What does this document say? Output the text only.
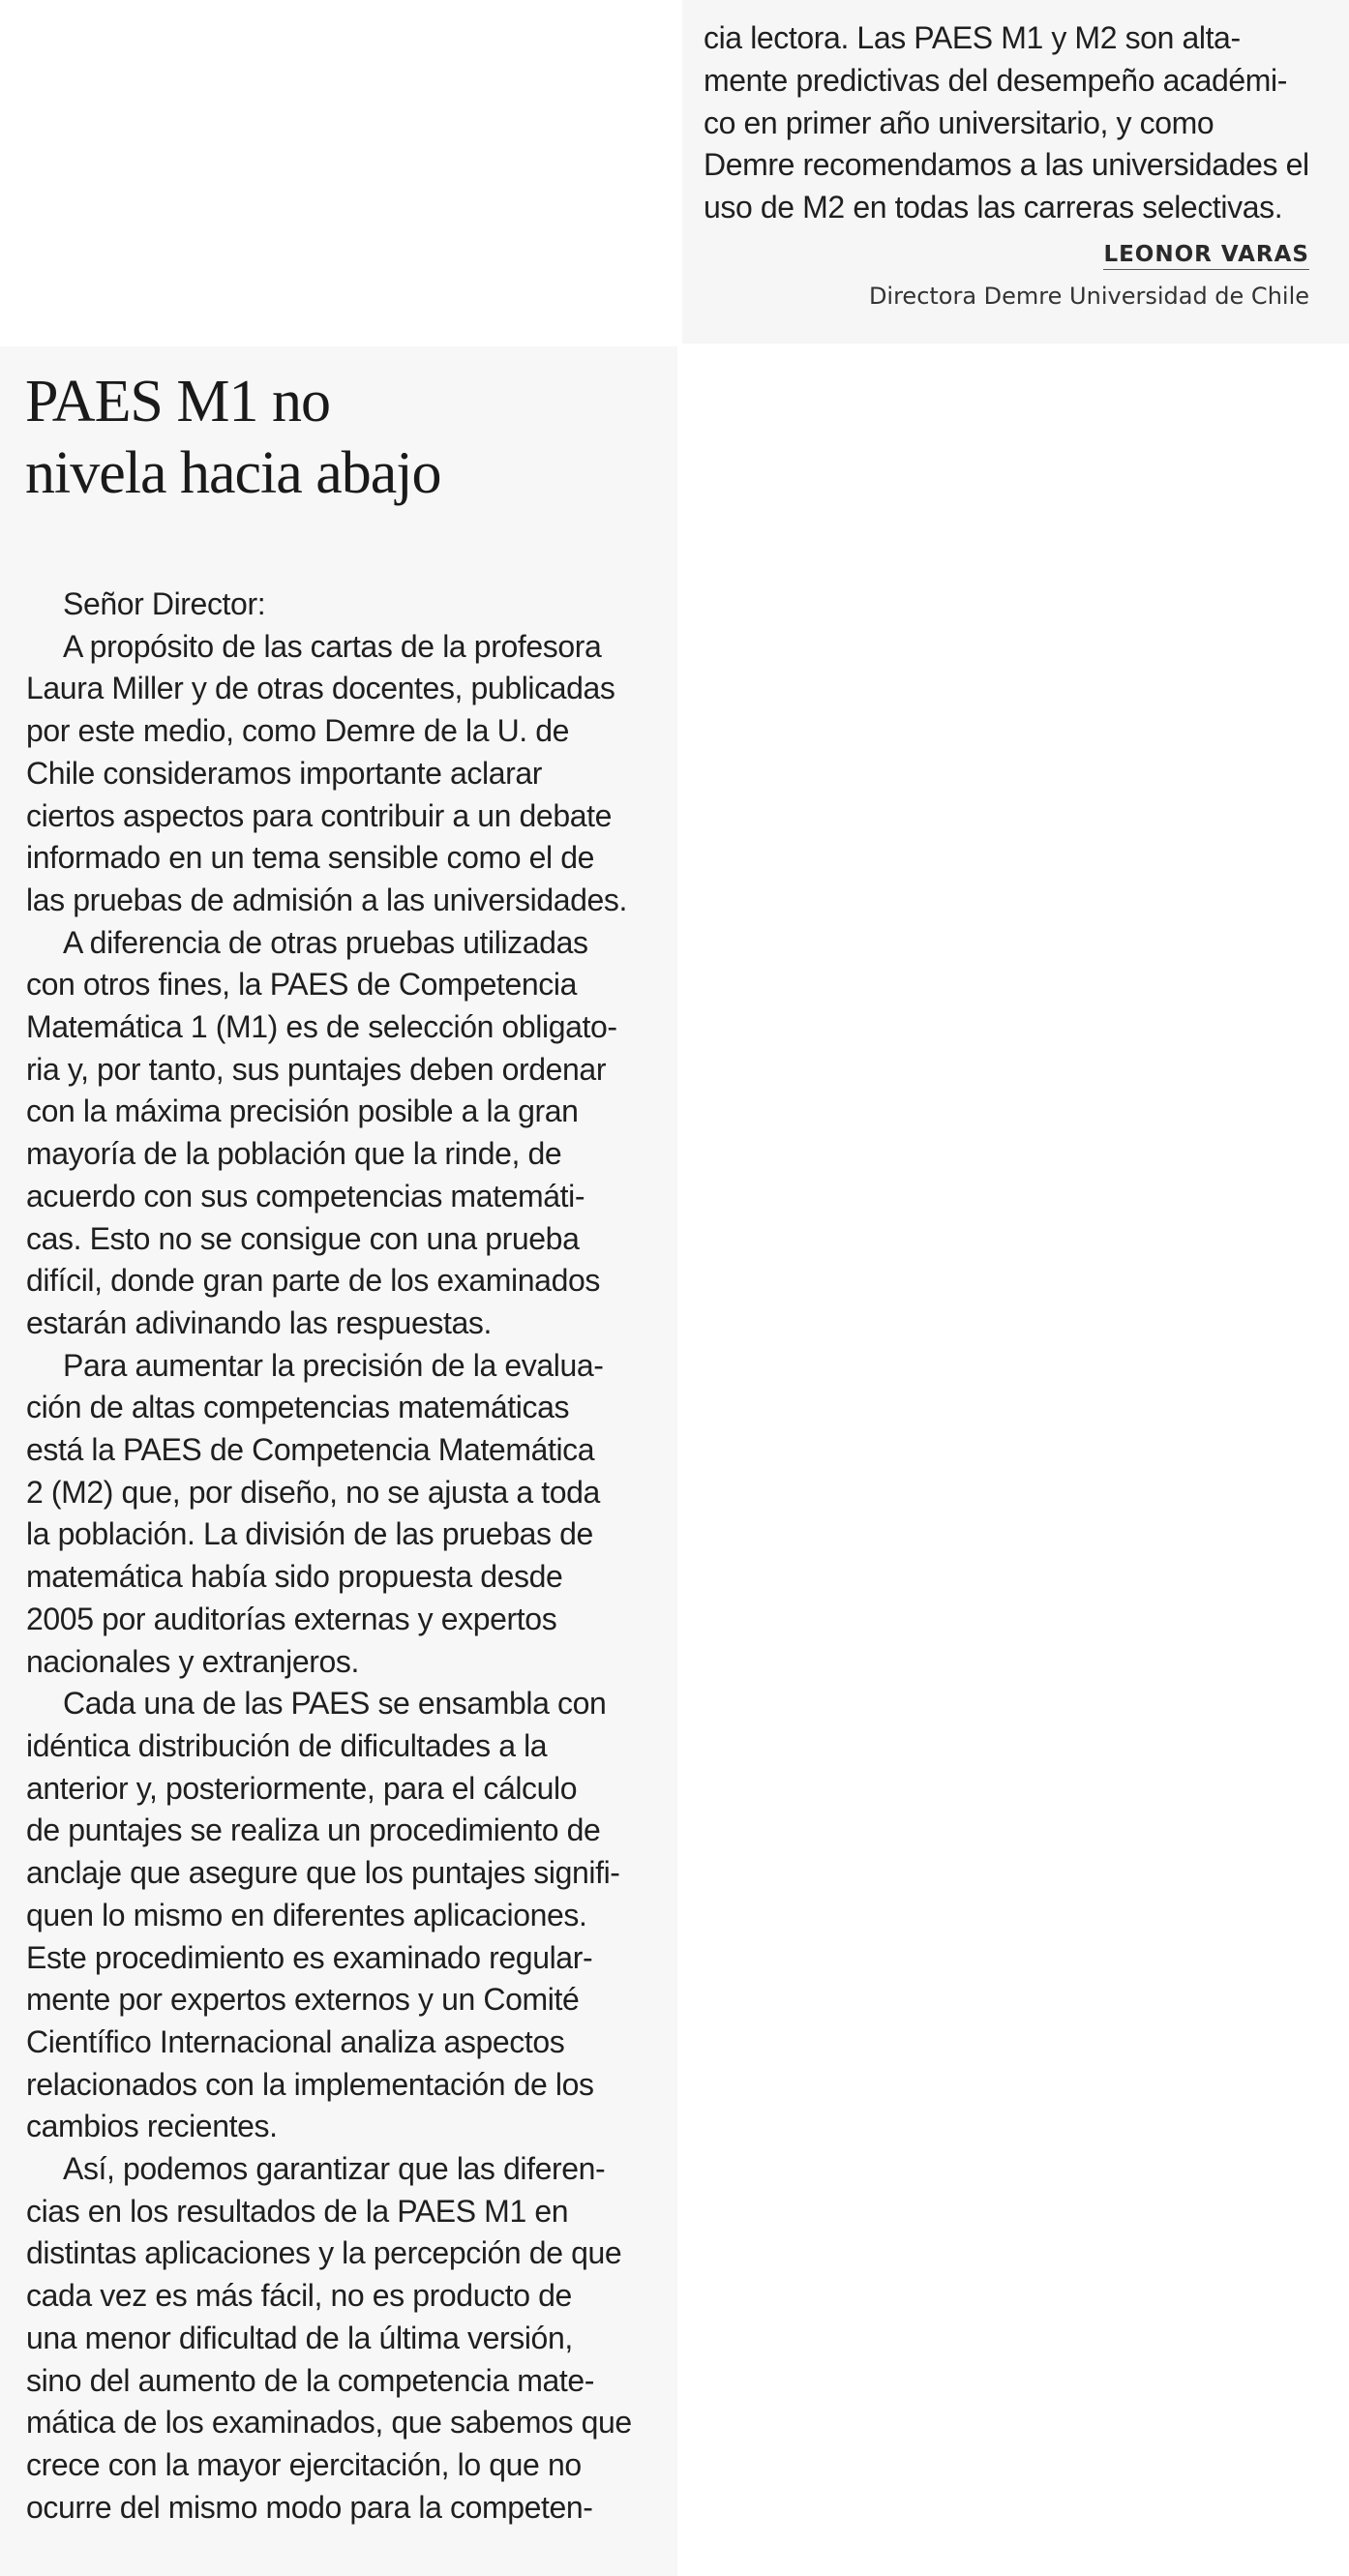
cia lectora. Las PAES M1 y M2 son alta-
mente predictivas del desempeño académi-
co en primer año universitario, y como
Demre recomendamos a las universidades el
uso de M2 en todas las carreras selectivas.
LEONOR VARAS
Directora Demre Universidad de Chile
PAES M1 no
nivela hacia abajo
Señor Director:
A propósito de las cartas de la profesora
Laura Miller y de otras docentes, publicadas
por este medio, como Demre de la U. de
Chile consideramos importante aclarar
ciertos aspectos para contribuir a un debate
informado en un tema sensible como el de
las pruebas de admisión a las universidades.
A diferencia de otras pruebas utilizadas
con otros fines, la PAES de Competencia
Matemática 1 (M1) es de selección obligato-
ria y, por tanto, sus puntajes deben ordenar
con la máxima precisión posible a la gran
mayoría de la población que la rinde, de
acuerdo con sus competencias matemáti-
cas. Esto no se consigue con una prueba
difícil, donde gran parte de los examinados
estarán adivinando las respuestas.
Para aumentar la precisión de la evalua-
ción de altas competencias matemáticas
está la PAES de Competencia Matemática
2 (M2) que, por diseño, no se ajusta a toda
la población. La división de las pruebas de
matemática había sido propuesta desde
2005 por auditorías externas y expertos
nacionales y extranjeros.
Cada una de las PAES se ensambla con
idéntica distribución de dificultades a la
anterior y, posteriormente, para el cálculo
de puntajes se realiza un procedimiento de
anclaje que asegure que los puntajes signifi-
quen lo mismo en diferentes aplicaciones.
Este procedimiento es examinado regular-
mente por expertos externos y un Comité
Científico Internacional analiza aspectos
relacionados con la implementación de los
cambios recientes.
Así, podemos garantizar que las diferen-
cias en los resultados de la PAES M1 en
distintas aplicaciones y la percepción de que
cada vez es más fácil, no es producto de
una menor dificultad de la última versión,
sino del aumento de la competencia mate-
mática de los examinados, que sabemos que
crece con la mayor ejercitación, lo que no
ocurre del mismo modo para la competen-
